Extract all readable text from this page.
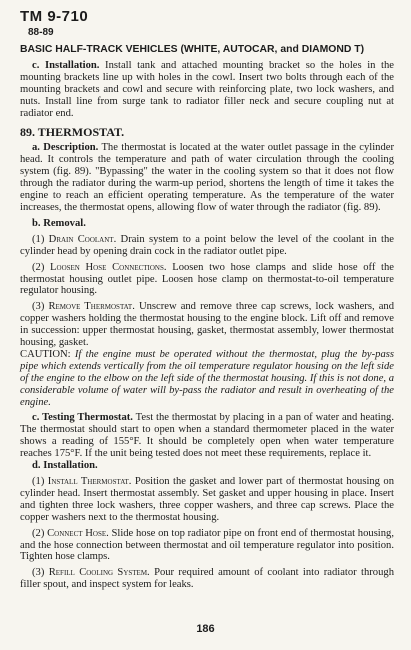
TM 9-710
88-89
BASIC HALF-TRACK VEHICLES (WHITE, AUTOCAR, and DIAMOND T)

c. Installation. Install tank and attached mounting bracket so the holes in the mounting brackets line up with holes in the cowl. Insert two bolts through each of the mounting brackets and cowl and secure with reinforcing plate, two lock washers, and nuts. Install line from surge tank to radiator filler neck and secure coupling nut at radiator end.

89. THERMOSTAT.

a. Description. The thermostat is located at the water outlet passage in the cylinder head. It controls the temperature and path of water circulation through the cooling system (fig. 89). "Bypassing" the water in the cooling system so that it does not flow through the radiator during the warm-up period, shortens the length of time it takes the engine to reach an efficient operating temperature. As the temperature of the water increases, the thermostat opens, allowing flow of water through the radiator (fig. 89).

b. Removal.

(1) Drain Coolant. Drain system to a point below the level of the coolant in the cylinder head by opening drain cock in the radiator outlet pipe.

(2) Loosen Hose Connections. Loosen two hose clamps and slide hose off the thermostat housing outlet pipe. Loosen hose clamp on thermostat-to-oil temperature regulator housing.

(3) Remove Thermostat. Unscrew and remove three cap screws, lock washers, and copper washers holding the thermostat housing to the engine block. Lift off and remove in succession: upper thermostat housing, gasket, thermostat assembly, lower thermostat housing, gasket.

CAUTION: If the engine must be operated without the thermostat, plug the by-pass pipe which extends vertically from the oil temperature regulator housing on the left side of the engine to the elbow on the left side of the thermostat housing. If this is not done, a considerable volume of water will by-pass the radiator and result in overheating of the engine.

c. Testing Thermostat. Test the thermostat by placing in a pan of water and heating. The thermostat should start to open when a standard thermometer placed in the water shows a reading of 155°F. It should be completely open when water temperature reaches 175°F. If the unit being tested does not meet these requirements, replace it.

d. Installation.

(1) Install Thermostat. Position the gasket and lower part of thermostat housing on cylinder head. Insert thermostat assembly. Set gasket and upper housing in place. Insert and tighten three lock washers, three copper washers, and three cap screws. Place the copper washers next to the thermostat housing.

(2) Connect Hose. Slide hose on top radiator pipe on front end of thermostat housing, and the hose connection between thermostat and oil temperature regulator into position. Tighten hose clamps.

(3) Refill Cooling System. Pour required amount of coolant into radiator through filler spout, and inspect system for leaks.

186
